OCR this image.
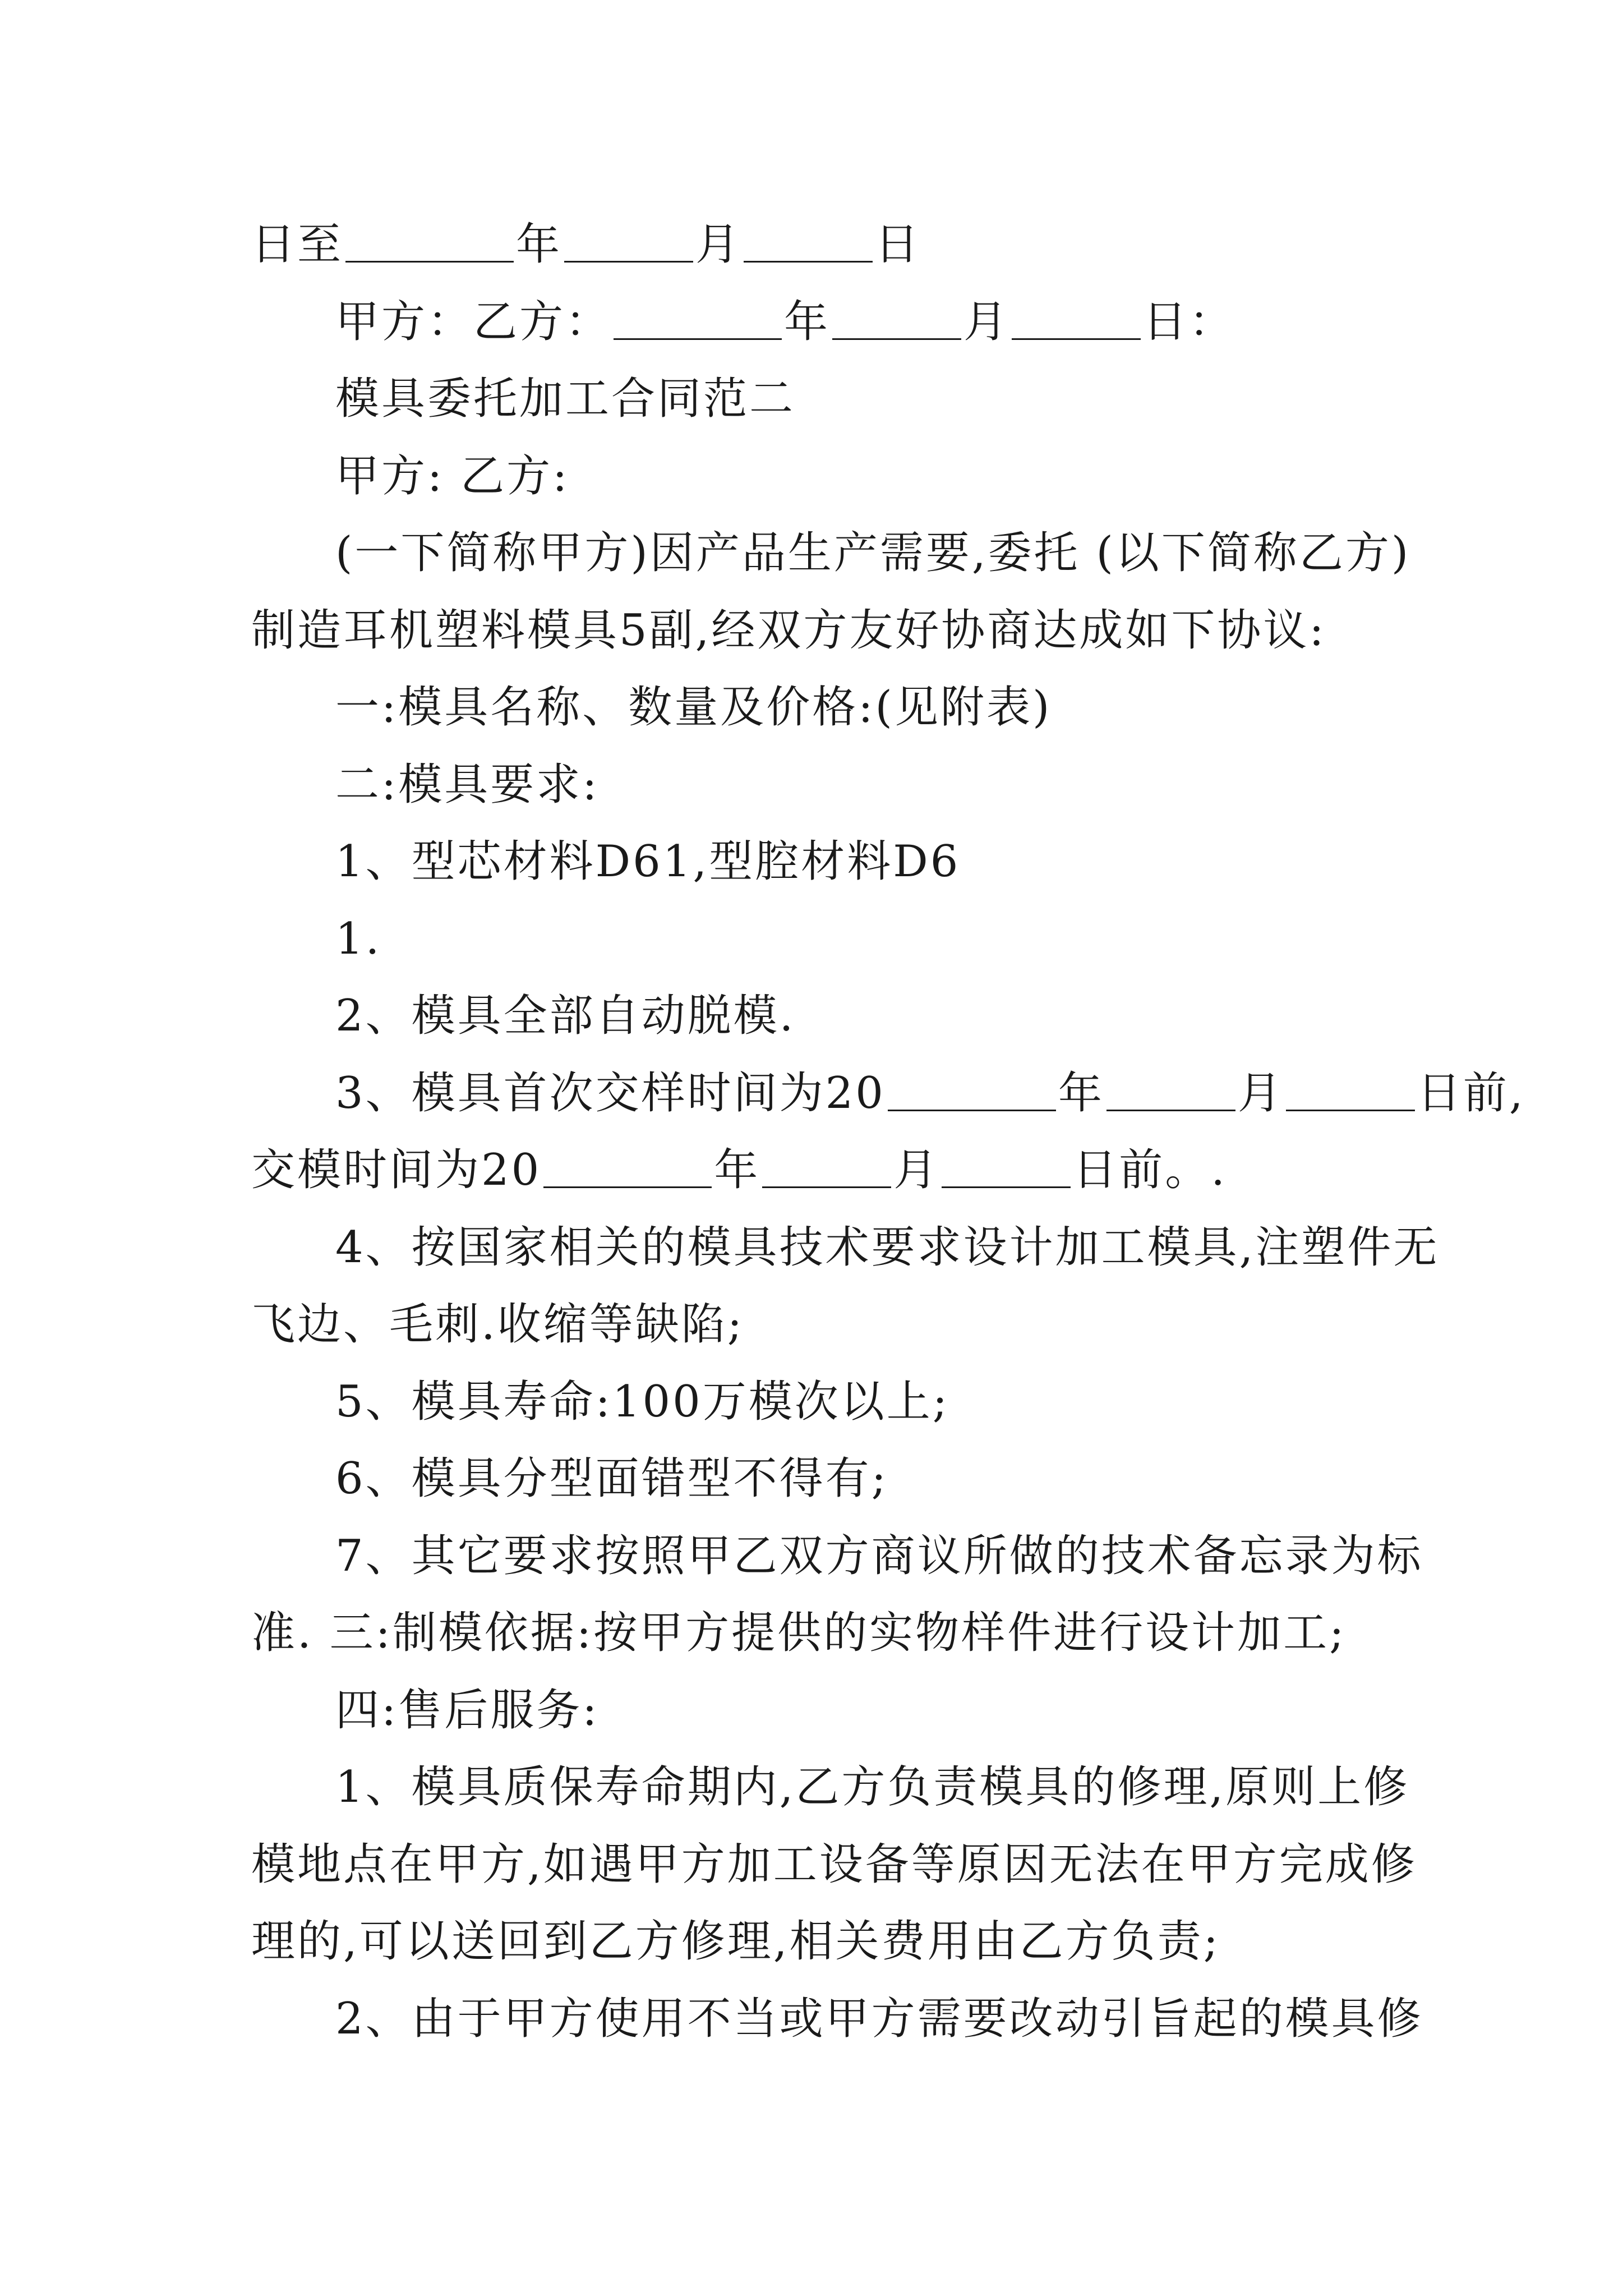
日至	年	月	日
甲方：乙方：	年	月	日：
模具委托加工合同范二
甲方: 乙方:
(一下简称甲方)因产品生产需要,委托 (以下简称乙方)
制造耳机塑料模具5副,经双方友好协商达成如下协议:
一:模具名称、数量及价格:(见附表)
二:模具要求:
1、型芯材料D61,型腔材料D6
1.
2、模具全部自动脱模.
3、模具首次交样时间为20	年	月	日前,
交模时间为20	年	月	日前。.
4、按国家相关的模具技术要求设计加工模具,注塑件无
飞边、毛刺.收缩等缺陷;
5、模具寿命:100万模次以上;
6、模具分型面错型不得有;
7、其它要求按照甲乙双方商议所做的技术备忘录为标
准. 三:制模依据:按甲方提供的实物样件进行设计加工;
四:售后服务:
1、模具质保寿命期内,乙方负责模具的修理,原则上修
模地点在甲方,如遇甲方加工设备等原因无法在甲方完成修
理的,可以送回到乙方修理,相关费用由乙方负责;
2、由于甲方使用不当或甲方需要改动引旨起的模具修
